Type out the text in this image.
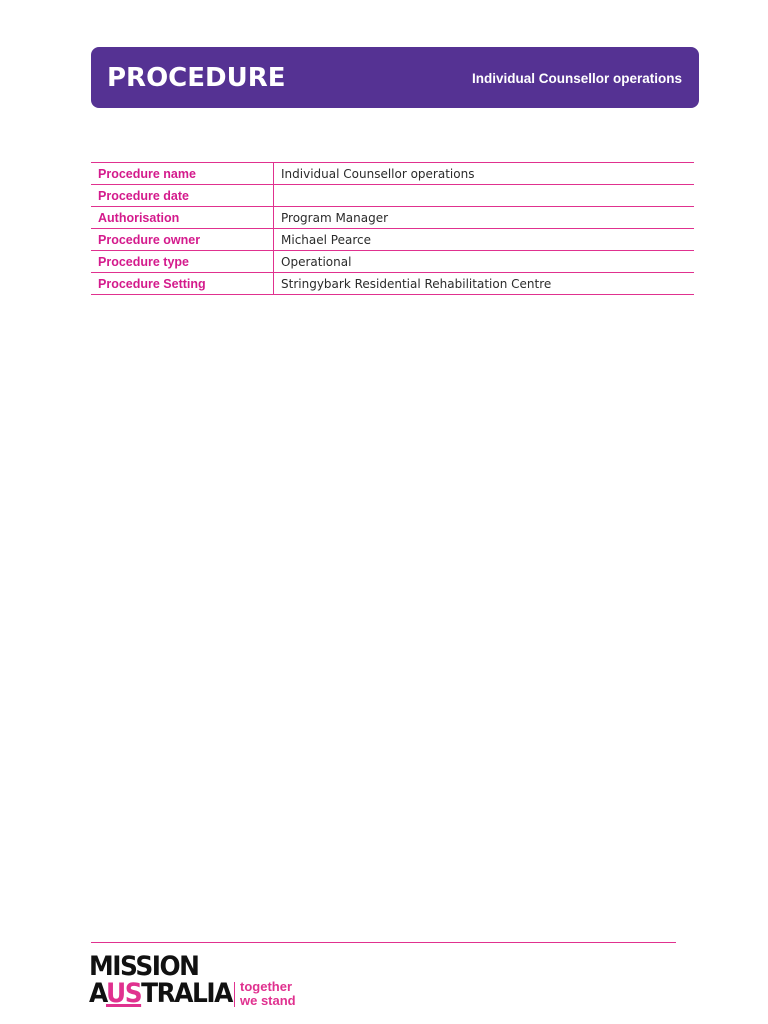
PROCEDURE	Individual Counsellor operations
Procedure name	Individual Counsellor operations
Procedure date	
Authorisation	Program Manager
Procedure owner	Michael Pearce
Procedure type	Operational
Procedure Setting	Stringybark Residential Rehabilitation Centre
MISSION
AUSTRALIA together
we stand
